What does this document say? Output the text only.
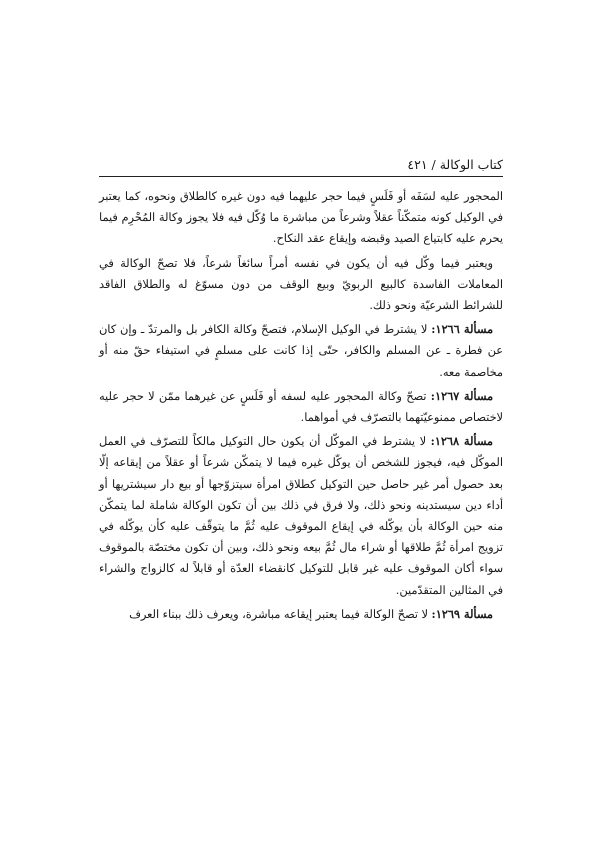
كتاب الوكالة / ٤٢١

المحجور عليه لسَفَه أو فَلَسٍ فيما حجر عليهما فيه دون غيره كالطلاق ونحوه، كما يعتبر في الوكيل كونه متمكّناً عقلاً وشرعاً من مباشرة ما وُكّل فيه فلا يجوز وكالة المُحْرِم فيما يحرم عليه كابتياع الصيد وقبضه وإيقاع عقد النكاح.

ويعتبر فيما وكّل فيه أن يكون في نفسه أمراً سائغاً شرعاً، فلا تصحّ الوكالة في المعاملات الفاسدة كالبيع الربويّ وبيع الوقف من دون مسوّغ له والطلاق الفاقد للشرائط الشرعيّة ونحو ذلك.

مسألة ١٢٦٦: لا يشترط في الوكيل الإسلام، فتصحّ وكالة الكافر بل والمرتدّ ـ وإن كان عن فطرة ـ عن المسلم والكافر، حتّى إذا كانت على مسلمٍ في استيفاء حقّ منه أو مخاصمة معه.

مسألة ١٢٦٧: تصحّ وكالة المحجور عليه لسفه أو فَلَسٍ عن غيرهما ممّن لا حجر عليه لاختصاص ممنوعيّتهما بالتصرّف في أمواهما.

مسألة ١٢٦٨: لا يشترط في الموكّل أن يكون حال التوكيل مالكاً للتصرّف في العمل الموكّل فيه، فيجوز للشخص أن يوكّل غيره فيما لا يتمكّن شرعاً أو عقلاً من إيقاعه إلّا بعد حصول أمر غير حاصل حين التوكيل كطلاق امرأة سيتزوّجها أو بيع دار سيشتريها أو أداء دين سيستدينه ونحو ذلك، ولا فرق في ذلك بين أن تكون الوكالة شاملة لما يتمكّن منه حين الوكالة بأن يوكّله في إيقاع الموقوف عليه ثُمَّ ما يتوقّف عليه كأن يوكّله في تزويج امرأة ثُمَّ طلاقها أو شراء مال ثُمَّ بيعه ونحو ذلك، وبين أن تكون مختصّة بالموقوف سواء أكان الموقوف عليه غير قابل للتوكيل كانقضاء العدّة أو قابلاً له كالزواج والشراء في المثالين المتقدّمين.

مسألة ١٢٦٩: لا تصحّ الوكالة فيما يعتبر إيقاعه مباشرة، ويعرف ذلك ببناء العرف
